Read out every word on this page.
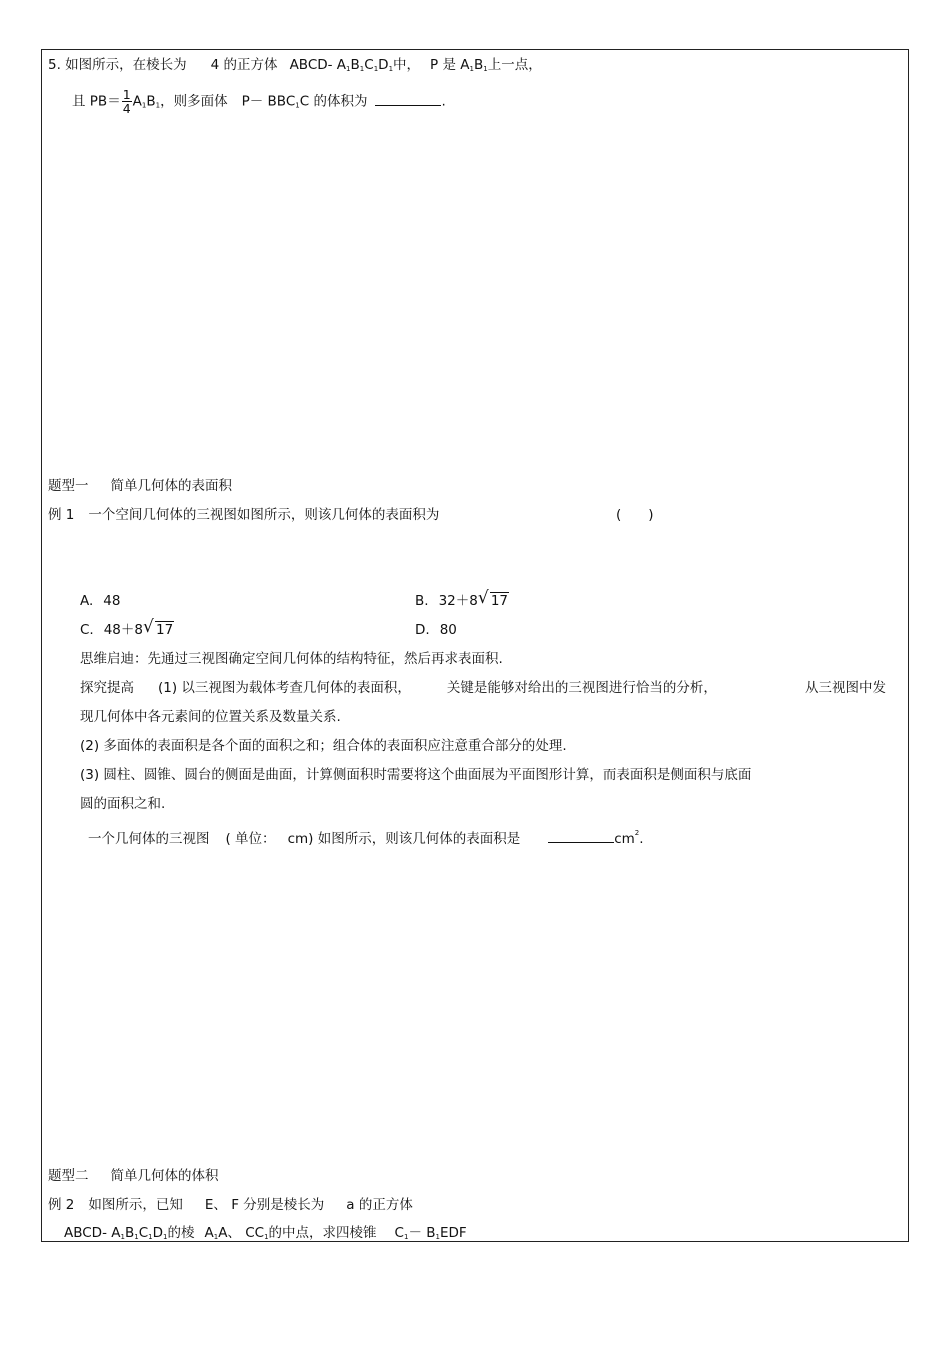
5. 如图所示，在棱长为 4 的正方体 ABCD- $A_1B_1C_1D_1$中， P 是 $A_1B_1$上一点，
且 $PB= \frac{1}{4} A_1B_1$，则多面体 $P- BBC_1C$ 的体积为	.
题型一 简单几何体的表面积
例 1 一个空间几何体的三视图如图所示，则该几何体的表面积为	(　　)
A. 48	B. 32＋8 √ 17
C. 48＋8 √ 17	D. 80
思维启迪：先通过三视图确定空间几何体的结构特征，然后再求表面积.
探究提高 (1) 以三视图为载体考查几何体的表面积，	关键是能够对给出的三视图进行恰当的分析，	从三视图中发
现几何体中各元素间的位置关系及数量关系.
(2) 多面体的表面积是各个面的面积之和；组合体的表面积应注意重合部分的处理.
(3) 圆柱、圆锥、圆台的侧面是曲面，计算侧面积时需要将这个曲面展为平面图形计算，而表面积是侧面积与底面
圆的面积之和.
一个几何体的三视图 ( 单位： cm) 如图所示，则该几何体的表面积是	$cm^2$.
题型二 简单几何体的体积
例 2 如图所示，已知 E、 F 分别是棱长为 a 的正方体
ABCD- $A_1B_1C_1D_1$的棱 $A_1A$、 $CC_1$的中点，求四棱锥 $C_1- B_1EDF$
